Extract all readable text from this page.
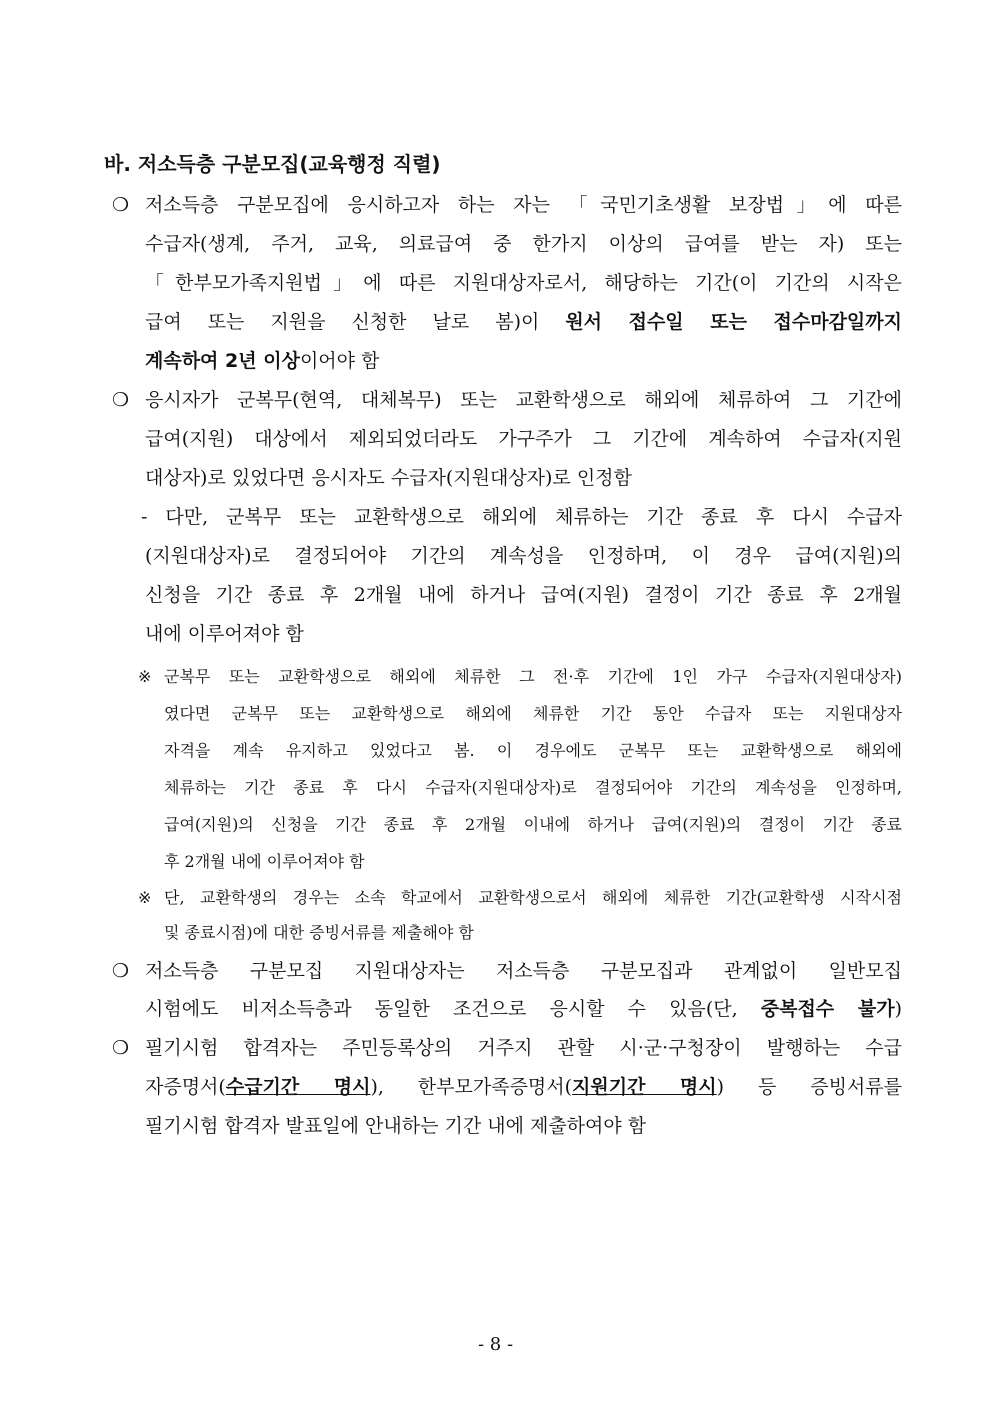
바. 저소득층 구분모집(교육행정 직렬)
❍ 저소득층 구분모집에 응시하고자 하는 자는 「국민기초생활 보장법」에 따른
수급자(생계, 주거, 교육, 의료급여 중 한가지 이상의 급여를 받는 자) 또는
「한부모가족지원법」에 따른 지원대상자로서, 해당하는 기간(이 기간의 시작은
급여 또는 지원을 신청한 날로 봄)이 원서 접수일 또는 접수마감일까지
계속하여 2년 이상이어야 함
❍ 응시자가 군복무(현역, 대체복무) 또는 교환학생으로 해외에 체류하여 그 기간에
급여(지원) 대상에서 제외되었더라도 가구주가 그 기간에 계속하여 수급자(지원
대상자)로 있었다면 응시자도 수급자(지원대상자)로 인정함
- 다만, 군복무 또는 교환학생으로 해외에 체류하는 기간 종료 후 다시 수급자
(지원대상자)로 결정되어야 기간의 계속성을 인정하며, 이 경우 급여(지원)의
신청을 기간 종료 후 2개월 내에 하거나 급여(지원) 결정이 기간 종료 후 2개월
내에 이루어져야 함
※ 군복무 또는 교환학생으로 해외에 체류한 그 전·후 기간에 1인 가구 수급자(지원대상자)
였다면 군복무 또는 교환학생으로 해외에 체류한 기간 동안 수급자 또는 지원대상자
자격을 계속 유지하고 있었다고 봄. 이 경우에도 군복무 또는 교환학생으로 해외에
체류하는 기간 종료 후 다시 수급자(지원대상자)로 결정되어야 기간의 계속성을 인정하며,
급여(지원)의 신청을 기간 종료 후 2개월 이내에 하거나 급여(지원)의 결정이 기간 종료
후 2개월 내에 이루어져야 함
※ 단, 교환학생의 경우는 소속 학교에서 교환학생으로서 해외에 체류한 기간(교환학생 시작시점
및 종료시점)에 대한 증빙서류를 제출해야 함
❍ 저소득층 구분모집 지원대상자는 저소득층 구분모집과 관계없이 일반모집
시험에도 비저소득층과 동일한 조건으로 응시할 수 있음(단, 중복접수 불가)
❍ 필기시험 합격자는 주민등록상의 거주지 관할 시·군·구청장이 발행하는 수급
자증명서(수급기간 명시), 한부모가족증명서(지원기간 명시) 등 증빙서류를
필기시험 합격자 발표일에 안내하는 기간 내에 제출하여야 함
- 8 -
